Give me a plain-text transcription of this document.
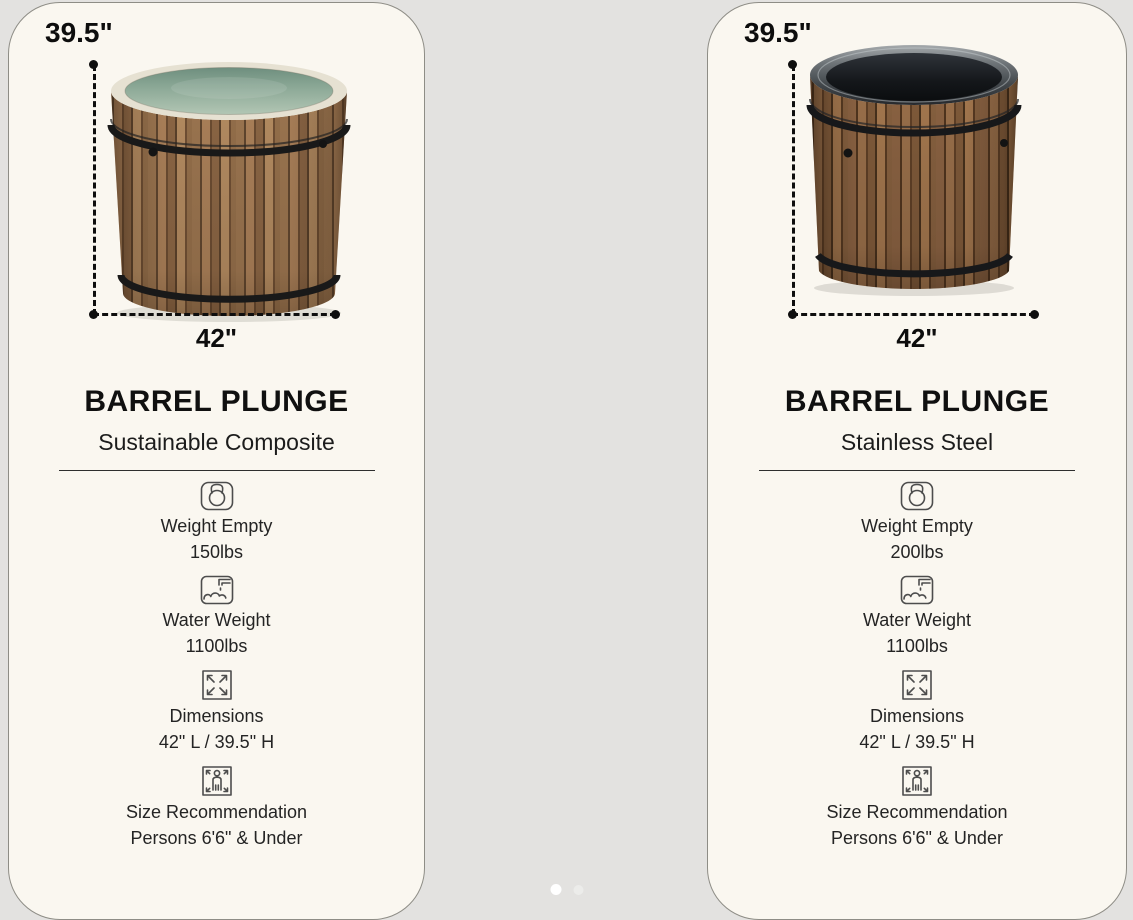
39.5"
42"
BARREL PLUNGE
Sustainable Composite
Weight Empty
150lbs
Water Weight
1100lbs
Dimensions
42" L / 39.5" H
Size Recommendation
Persons 6'6" & Under
39.5"
42"
BARREL PLUNGE
Stainless Steel
Weight Empty
200lbs
Water Weight
1100lbs
Dimensions
42" L / 39.5" H
Size Recommendation
Persons 6'6" & Under
